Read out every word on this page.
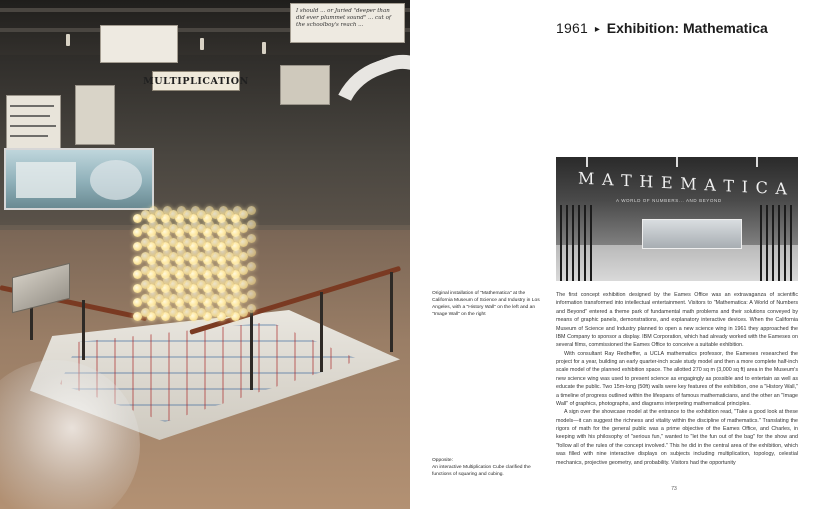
I should ... or Juried "deeper than did ever plummet sound" ... cut of the schoolboy's reach ...
MULTIPLICATION
1961 ▸ Exhibition: Mathematica
M A T H E M A T I C A
A WORLD OF NUMBERS... AND BEYOND
Original installation of "Mathematica" at the California Museum of Science and Industry in Los Angeles, with a "History Wall" on the left and an "Image Wall" on the right
Opposite:
An interactive Multiplication Cube clarified the functions of squaring and cubing.

The first concept exhibition designed by the Eames Office was an extravaganza of scientific information transformed into intellectual entertainment. Visitors to "Mathematica: A World of Numbers and Beyond" entered a theme park of fundamental math problems and their solutions conveyed by means of graphic panels, demonstrations, and explanatory interactive devices. When the California Museum of Science and Industry planned to open a new science wing in 1961 they approached the IBM Company to sponsor a display. IBM Corporation, which had already worked with the Eameses on several films, commissioned the Eames Office to conceive a suitable exhibition.

With consultant Ray Redheffer, a UCLA mathematics professor, the Eameses researched the project for a year, building an early quarter-inch scale study model and then a more complete half-inch scale model of the planned exhibition space. The allotted 270 sq m (3,000 sq ft) area in the Museum's new science wing was used to present science as engagingly as possible and to entertain as well as educate the public. Two 15m-long (50ft) walls were key features of the exhibition, one a "History Wall," a timeline of progress outlined within the lifespans of famous mathematicians, and the other an "Image Wall" of graphics, photographs, and diagrams interpreting mathematical principles.

A sign over the showcase model at the entrance to the exhibition read, "Take a good look at these models—it can suggest the richness and vitality within the discipline of mathematics." Translating the rigors of math for the general public was a prime objective of the Eames Office, and Charles, in keeping with his philosophy of "serious fun," wanted to "let the fun out of the bag" for the show and "follow all of the rules of the concept involved." This he did in the central area of the exhibition, which was filled with nine interactive displays on subjects including multiplication, topology, celestial mechanics, projective geometry, and probability. Visitors had the opportunity

73
